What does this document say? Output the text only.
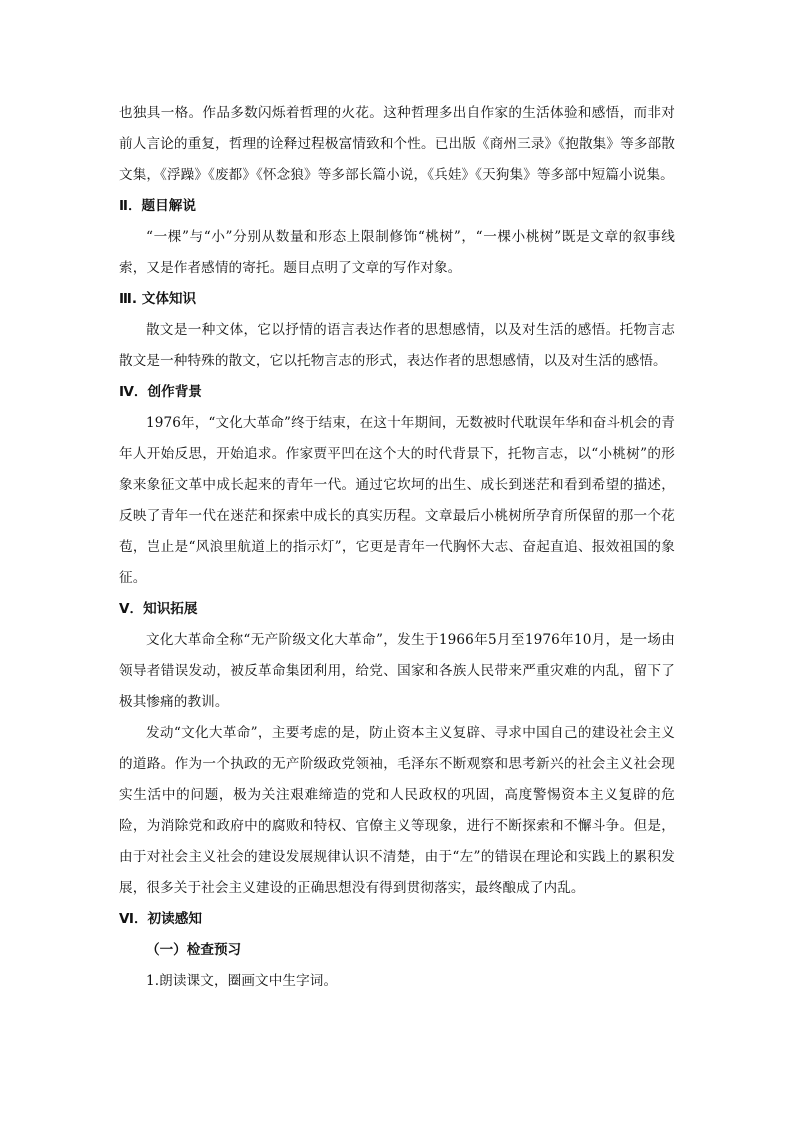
也独具一格。作品多数闪烁着哲理的火花。这种哲理多出自作家的生活体验和感悟，而非对前人言论的重复，哲理的诠释过程极富情致和个性。已出版《商州三录》《抱散集》等多部散文集，《浮躁》《废都》《怀念狼》等多部长篇小说，《兵娃》《天狗集》等多部中短篇小说集。

Ⅱ．题目解说

“一棵”与“小”分别从数量和形态上限制修饰“桃树”，“一棵小桃树”既是文章的叙事线索，又是作者感情的寄托。题目点明了文章的写作对象。

Ⅲ. 文体知识

散文是一种文体，它以抒情的语言表达作者的思想感情，以及对生活的感悟。托物言志散文是一种特殊的散文，它以托物言志的形式，表达作者的思想感情，以及对生活的感悟。

Ⅳ．创作背景

1976年，“文化大革命”终于结束，在这十年期间，无数被时代耽误年华和奋斗机会的青年人开始反思，开始追求。作家贾平凹在这个大的时代背景下，托物言志，以“小桃树”的形象来象征文革中成长起来的青年一代。通过它坎坷的出生、成长到迷茫和看到希望的描述，反映了青年一代在迷茫和探索中成长的真实历程。文章最后小桃树所孕育所保留的那一个花苞，岂止是“风浪里航道上的指示灯”，它更是青年一代胸怀大志、奋起直追、报效祖国的象征。

Ⅴ．知识拓展

文化大革命全称“无产阶级文化大革命”，发生于1966年5月至1976年10月，是一场由领导者错误发动，被反革命集团利用，给党、国家和各族人民带来严重灾难的内乱，留下了极其惨痛的教训。

发动“文化大革命”，主要考虑的是，防止资本主义复辟、寻求中国自己的建设社会主义的道路。作为一个执政的无产阶级政党领袖，毛泽东不断观察和思考新兴的社会主义社会现实生活中的问题，极为关注艰难缔造的党和人民政权的巩固，高度警惕资本主义复辟的危险，为消除党和政府中的腐败和特权、官僚主义等现象，进行不断探索和不懈斗争。但是，由于对社会主义社会的建设发展规律认识不清楚，由于“左”的错误在理论和实践上的累积发展，很多关于社会主义建设的正确思想没有得到贯彻落实，最终酿成了内乱。

Ⅵ．初读感知

（一）检查预习

1.朗读课文，圈画文中生字词。
